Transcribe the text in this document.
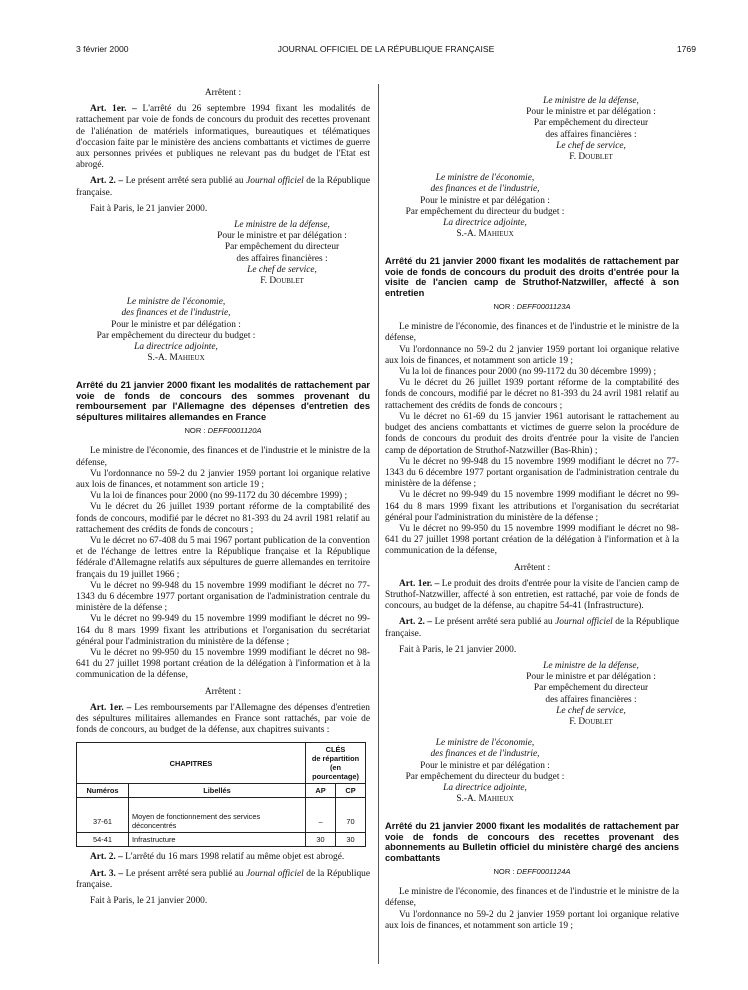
3 février 2000	JOURNAL OFFICIEL DE LA RÉPUBLIQUE FRANÇAISE	1769

Arrêtent :

Art. 1er. – L'arrêté du 26 septembre 1994 fixant les modalités de rattachement par voie de fonds de concours du produit des recettes provenant de l'aliénation de matériels informatiques, bureautiques et télématiques d'occasion faite par le ministère des anciens combattants et victimes de guerre aux personnes privées et publiques ne relevant pas du budget de l'Etat est abrogé.

Art. 2. – Le présent arrêté sera publié au Journal officiel de la République française.

Fait à Paris, le 21 janvier 2000.

Le ministre de la défense,
Pour le ministre et par délégation :
Par empêchement du directeur
des affaires financières :
Le chef de service,
F. Doublet
Le ministre de l'économie,
des finances et de l'industrie,
Pour le ministre et par délégation :
Par empêchement du directeur du budget :
La directrice adjointe,
S.-A. Mahieux

Arrêté du 21 janvier 2000 fixant les modalités de rattachement par voie de fonds de concours des sommes provenant du remboursement par l'Allemagne des dépenses d'entretien des sépultures militaires allemandes en France

NOR : DEFF0001120A

Le ministre de l'économie, des finances et de l'industrie et le ministre de la défense,

Vu l'ordonnance no 59-2 du 2 janvier 1959 portant loi organique relative aux lois de finances, et notamment son article 19 ;

Vu la loi de finances pour 2000 (no 99-1172 du 30 décembre 1999) ;

Vu le décret du 26 juillet 1939 portant réforme de la comptabilité des fonds de concours, modifié par le décret no 81-393 du 24 avril 1981 relatif au rattachement des crédits de fonds de concours ;

Vu le décret no 67-408 du 5 mai 1967 portant publication de la convention et de l'échange de lettres entre la République française et la République fédérale d'Allemagne relatifs aux sépultures de guerre allemandes en territoire français du 19 juillet 1966 ;

Vu le décret no 99-948 du 15 novembre 1999 modifiant le décret no 77-1343 du 6 décembre 1977 portant organisation de l'administration centrale du ministère de la défense ;

Vu le décret no 99-949 du 15 novembre 1999 modifiant le décret no 99-164 du 8 mars 1999 fixant les attributions et l'organisation du secrétariat général pour l'administration du ministère de la défense ;

Vu le décret no 99-950 du 15 novembre 1999 modifiant le décret no 98-641 du 27 juillet 1998 portant création de la délégation à l'information et à la communication de la défense,

Arrêtent :

Art. 1er. – Les remboursements par l'Allemagne des dépenses d'entretien des sépultures militaires allemandes en France sont rattachés, par voie de fonds de concours, au budget de la défense, aux chapitres suivants :

CHAPITRES		CLÉS
de répartition
(en pourcentage)	

Numéros	Libellés	AP	CP
37-61	Moyen de fonctionnement des services déconcentrés	–	70
54-41	Infrastructure	30	30

Art. 2. – L'arrêté du 16 mars 1998 relatif au même objet est abrogé.

Art. 3. – Le présent arrêté sera publié au Journal officiel de la République française.

Fait à Paris, le 21 janvier 2000.

Le ministre de la défense,
Pour le ministre et par délégation :
Par empêchement du directeur
des affaires financières :
Le chef de service,
F. Doublet
Le ministre de l'économie,
des finances et de l'industrie,
Pour le ministre et par délégation :
Par empêchement du directeur du budget :
La directrice adjointe,
S.-A. Mahieux

Arrêté du 21 janvier 2000 fixant les modalités de rattachement par voie de fonds de concours du produit des droits d'entrée pour la visite de l'ancien camp de Struthof-Natzwiller, affecté à son entretien

NOR : DEFF0001123A

Le ministre de l'économie, des finances et de l'industrie et le ministre de la défense,

Vu l'ordonnance no 59-2 du 2 janvier 1959 portant loi organique relative aux lois de finances, et notamment son article 19 ;

Vu la loi de finances pour 2000 (no 99-1172 du 30 décembre 1999) ;

Vu le décret du 26 juillet 1939 portant réforme de la comptabilité des fonds de concours, modifié par le décret no 81-393 du 24 avril 1981 relatif au rattachement des crédits de fonds de concours ;

Vu le décret no 61-69 du 15 janvier 1961 autorisant le rattachement au budget des anciens combattants et victimes de guerre selon la procédure de fonds de concours du produit des droits d'entrée pour la visite de l'ancien camp de déportation de Struthof-Natzwiller (Bas-Rhin) ;

Vu le décret no 99-948 du 15 novembre 1999 modifiant le décret no 77-1343 du 6 décembre 1977 portant organisation de l'administration centrale du ministère de la défense ;

Vu le décret no 99-949 du 15 novembre 1999 modifiant le décret no 99-164 du 8 mars 1999 fixant les attributions et l'organisation du secrétariat général pour l'administration du ministère de la défense ;

Vu le décret no 99-950 du 15 novembre 1999 modifiant le décret no 98-641 du 27 juillet 1998 portant création de la délégation à l'information et à la communication de la défense,

Arrêtent :

Art. 1er. – Le produit des droits d'entrée pour la visite de l'ancien camp de Struthof-Natzwiller, affecté à son entretien, est rattaché, par voie de fonds de concours, au budget de la défense, au chapitre 54-41 (Infrastructure).

Art. 2. – Le présent arrêté sera publié au Journal officiel de la République française.

Fait à Paris, le 21 janvier 2000.

Le ministre de la défense,
Pour le ministre et par délégation :
Par empêchement du directeur
des affaires financières :
Le chef de service,
F. Doublet
Le ministre de l'économie,
des finances et de l'industrie,
Pour le ministre et par délégation :
Par empêchement du directeur du budget :
La directrice adjointe,
S.-A. Mahieux

Arrêté du 21 janvier 2000 fixant les modalités de rattachement par voie de fonds de concours des recettes provenant des abonnements au Bulletin officiel du ministère chargé des anciens combattants

NOR : DEFF0001124A

Le ministre de l'économie, des finances et de l'industrie et le ministre de la défense,

Vu l'ordonnance no 59-2 du 2 janvier 1959 portant loi organique relative aux lois de finances, et notamment son article 19 ;
